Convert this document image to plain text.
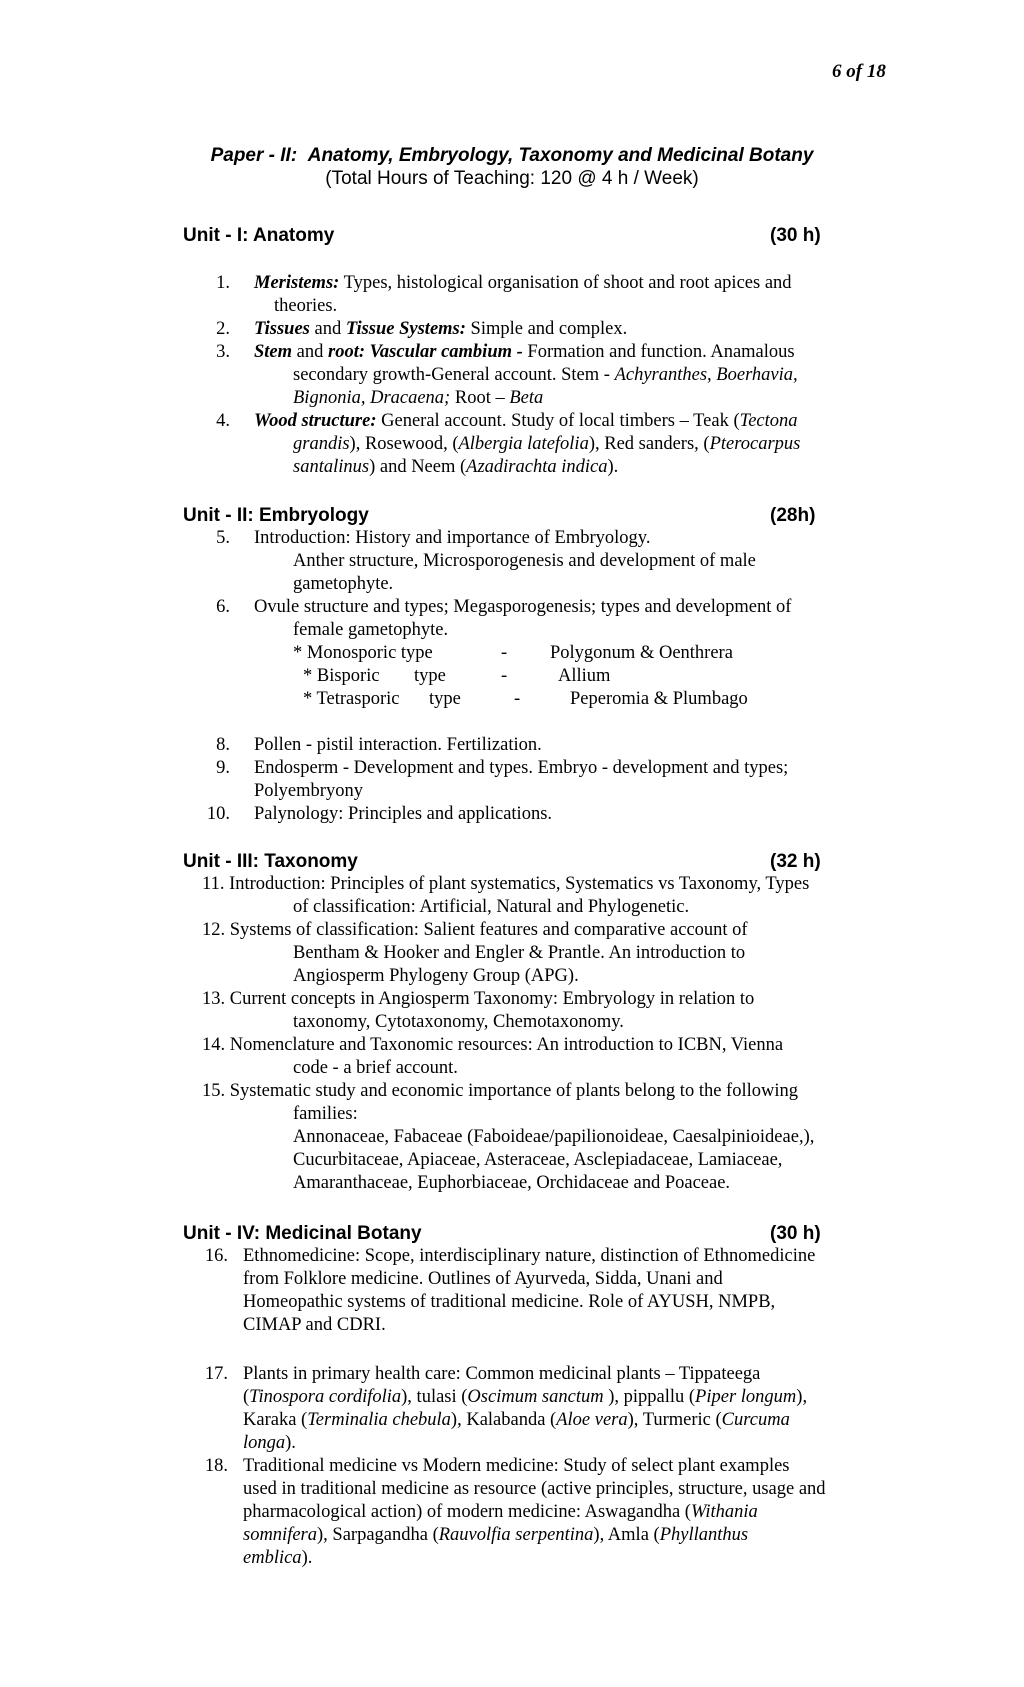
6 of 18
Paper - II: Anatomy, Embryology, Taxonomy and Medicinal Botany
(Total Hours of Teaching: 120 @ 4 h / Week)
Unit - I: Anatomy	(30 h)
1. Meristems: Types, histological organisation of shoot and root apices and
theories.
2. Tissues and Tissue Systems: Simple and complex.
3. Stem and root: Vascular cambium - Formation and function. Anamalous
secondary growth-General account. Stem - Achyranthes, Boerhavia,
Bignonia, Dracaena; Root – Beta
4. Wood structure: General account. Study of local timbers – Teak (Tectona
grandis), Rosewood, (Albergia latefolia), Red sanders, (Pterocarpus
santalinus) and Neem (Azadirachta indica).
Unit - II: Embryology	(28h)
5. Introduction: History and importance of Embryology.
Anther structure, Microsporogenesis and development of male
gametophyte.
6. Ovule structure and types; Megasporogenesis; types and development of
female gametophyte.
* Monosporic type	- Polygonum & Oenthrera
* Bisporic type	-	Allium
* Tetrasporic type	-	Peperomia & Plumbago
8. Pollen - pistil interaction. Fertilization.
9. Endosperm - Development and types. Embryo - development and types;
Polyembryony
10. Palynology: Principles and applications.
Unit - III: Taxonomy	(32 h)
11. Introduction: Principles of plant systematics, Systematics vs Taxonomy, Types
of classification: Artificial, Natural and Phylogenetic.
12. Systems of classification: Salient features and comparative account of
Bentham & Hooker and Engler & Prantle. An introduction to
Angiosperm Phylogeny Group (APG).
13. Current concepts in Angiosperm Taxonomy: Embryology in relation to
taxonomy, Cytotaxonomy, Chemotaxonomy.
14. Nomenclature and Taxonomic resources: An introduction to ICBN, Vienna
code - a brief account.
15. Systematic study and economic importance of plants belong to the following
families:
Annonaceae, Fabaceae (Faboideae/papilionoideae, Caesalpinioideae,),
Cucurbitaceae, Apiaceae, Asteraceae, Asclepiadaceae, Lamiaceae,
Amaranthaceae, Euphorbiaceae, Orchidaceae and Poaceae.
Unit - IV: Medicinal Botany	(30 h)
16. Ethnomedicine: Scope, interdisciplinary nature, distinction of Ethnomedicine
from Folklore medicine. Outlines of Ayurveda, Sidda, Unani and
Homeopathic systems of traditional medicine. Role of AYUSH, NMPB,
CIMAP and CDRI.
17. Plants in primary health care: Common medicinal plants – Tippateega
(Tinospora cordifolia), tulasi (Oscimum sanctum ), pippallu (Piper longum),
Karaka (Terminalia chebula), Kalabanda (Aloe vera), Turmeric (Curcuma
longa).
18. Traditional medicine vs Modern medicine: Study of select plant examples
used in traditional medicine as resource (active principles, structure, usage and
pharmacological action) of modern medicine: Aswagandha (Withania
somnifera), Sarpagandha (Rauvolfia serpentina), Amla (Phyllanthus
emblica).
